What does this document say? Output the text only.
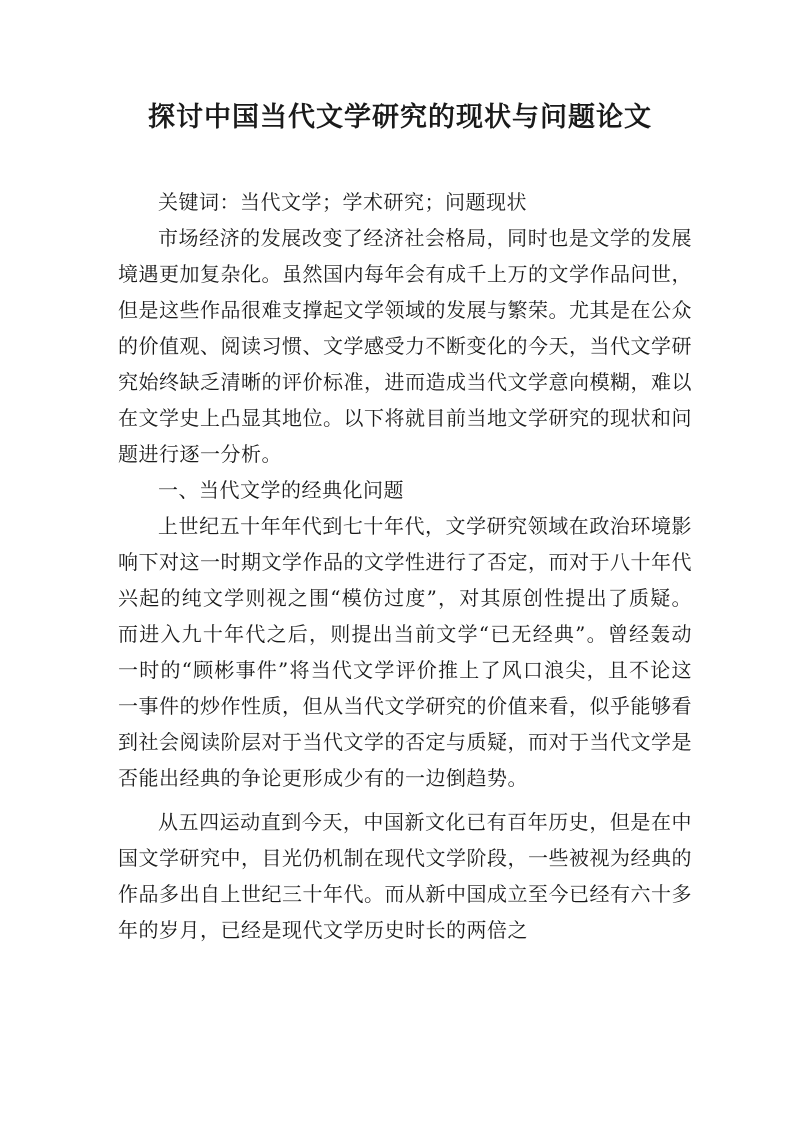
探讨中国当代文学研究的现状与问题论文

关键词：当代文学；学术研究；问题现状

市场经济的发展改变了经济社会格局，同时也是文学的发展境遇更加复杂化。虽然国内每年会有成千上万的文学作品问世，但是这些作品很难支撑起文学领域的发展与繁荣。尤其是在公众的价值观、阅读习惯、文学感受力不断变化的今天，当代文学研究始终缺乏清晰的评价标准，进而造成当代文学意向模糊，难以在文学史上凸显其地位。以下将就目前当地文学研究的现状和问题进行逐一分析。

一、当代文学的经典化问题

上世纪五十年年代到七十年代，文学研究领域在政治环境影响下对这一时期文学作品的文学性进行了否定，而对于八十年代兴起的纯文学则视之围“模仿过度”，对其原创性提出了质疑。而进入九十年代之后，则提出当前文学“已无经典”。曾经轰动一时的“顾彬事件”将当代文学评价推上了风口浪尖，且不论这一事件的炒作性质，但从当代文学研究的价值来看，似乎能够看到社会阅读阶层对于当代文学的否定与质疑，而对于当代文学是否能出经典的争论更形成少有的一边倒趋势。

从五四运动直到今天，中国新文化已有百年历史，但是在中国文学研究中，目光仍机制在现代文学阶段，一些被视为经典的作品多出自上世纪三十年代。而从新中国成立至今已经有六十多年的岁月，已经是现代文学历史时长的两倍之
